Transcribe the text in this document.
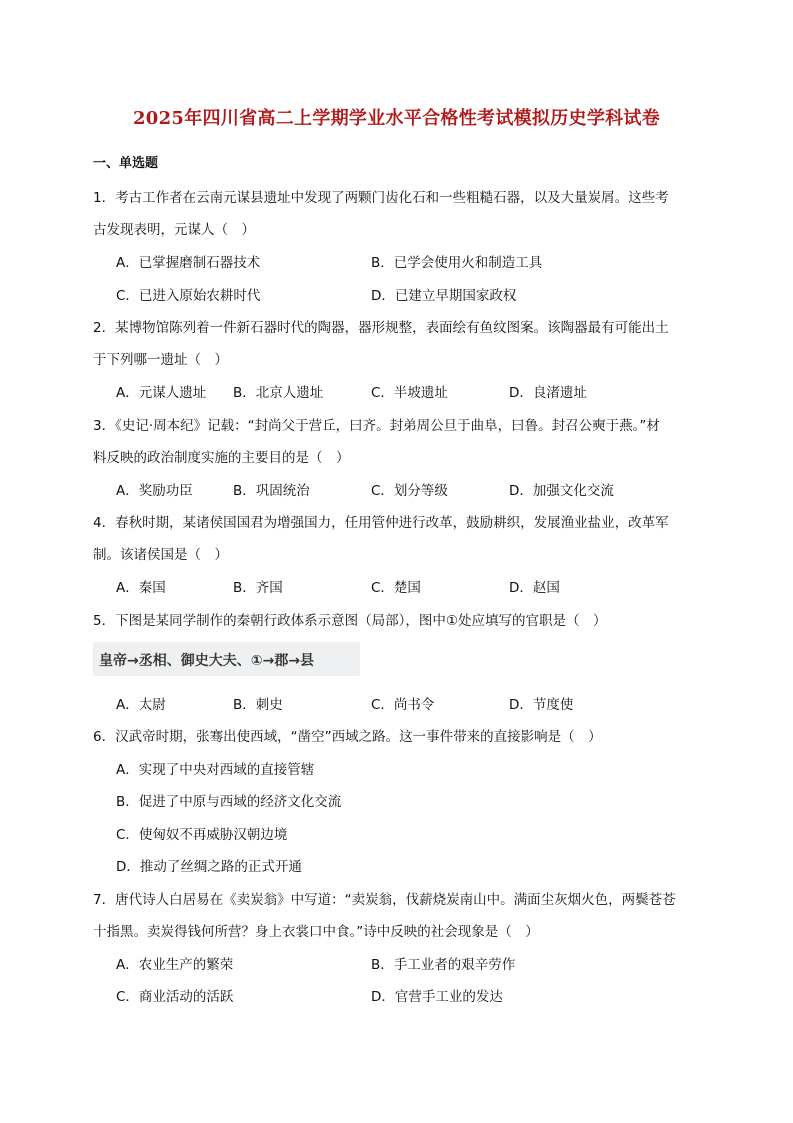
2025年四川省高二上学期学业水平合格性考试模拟历史学科试卷
一、单选题
1．考古工作者在云南元谋县遗址中发现了两颗门齿化石和一些粗糙石器，以及大量炭屑。这些考
古发现表明，元谋人（　）
A．已掌握磨制石器技术	B．已学会使用火和制造工具
C．已进入原始农耕时代	D．已建立早期国家政权
2．某博物馆陈列着一件新石器时代的陶器，器形规整，表面绘有鱼纹图案。该陶器最有可能出土
于下列哪一遗址（　）
A．元谋人遗址 B．北京人遗址	C．半坡遗址	D．良渚遗址
3．《史记·周本纪》记载：“封尚父于营丘，曰齐。封弟周公旦于曲阜，曰鲁。封召公奭于燕。”材
料反映的政治制度实施的主要目的是（　）
A．奖励功臣	B．巩固统治	C．划分等级	D．加强文化交流
4．春秋时期，某诸侯国国君为增强国力，任用管仲进行改革，鼓励耕织，发展渔业盐业，改革军
制。该诸侯国是（　）
A．秦国	B．齐国	C．楚国	D．赵国
5．下图是某同学制作的秦朝行政体系示意图（局部），图中①处应填写的官职是（　）
皇帝→丞相、御史大夫、①→郡→县
A．太尉	B．刺史	C．尚书令	D．节度使
6．汉武帝时期，张骞出使西域，“凿空”西域之路。这一事件带来的直接影响是（　）
A．实现了中央对西域的直接管辖
B．促进了中原与西域的经济文化交流
C．使匈奴不再威胁汉朝边境
D．推动了丝绸之路的正式开通
7．唐代诗人白居易在《卖炭翁》中写道：“卖炭翁，伐薪烧炭南山中。满面尘灰烟火色，两鬓苍苍
十指黑。卖炭得钱何所营？身上衣裳口中食。”诗中反映的社会现象是（　）
A．农业生产的繁荣	B．手工业者的艰辛劳作
C．商业活动的活跃	D．官营手工业的发达
